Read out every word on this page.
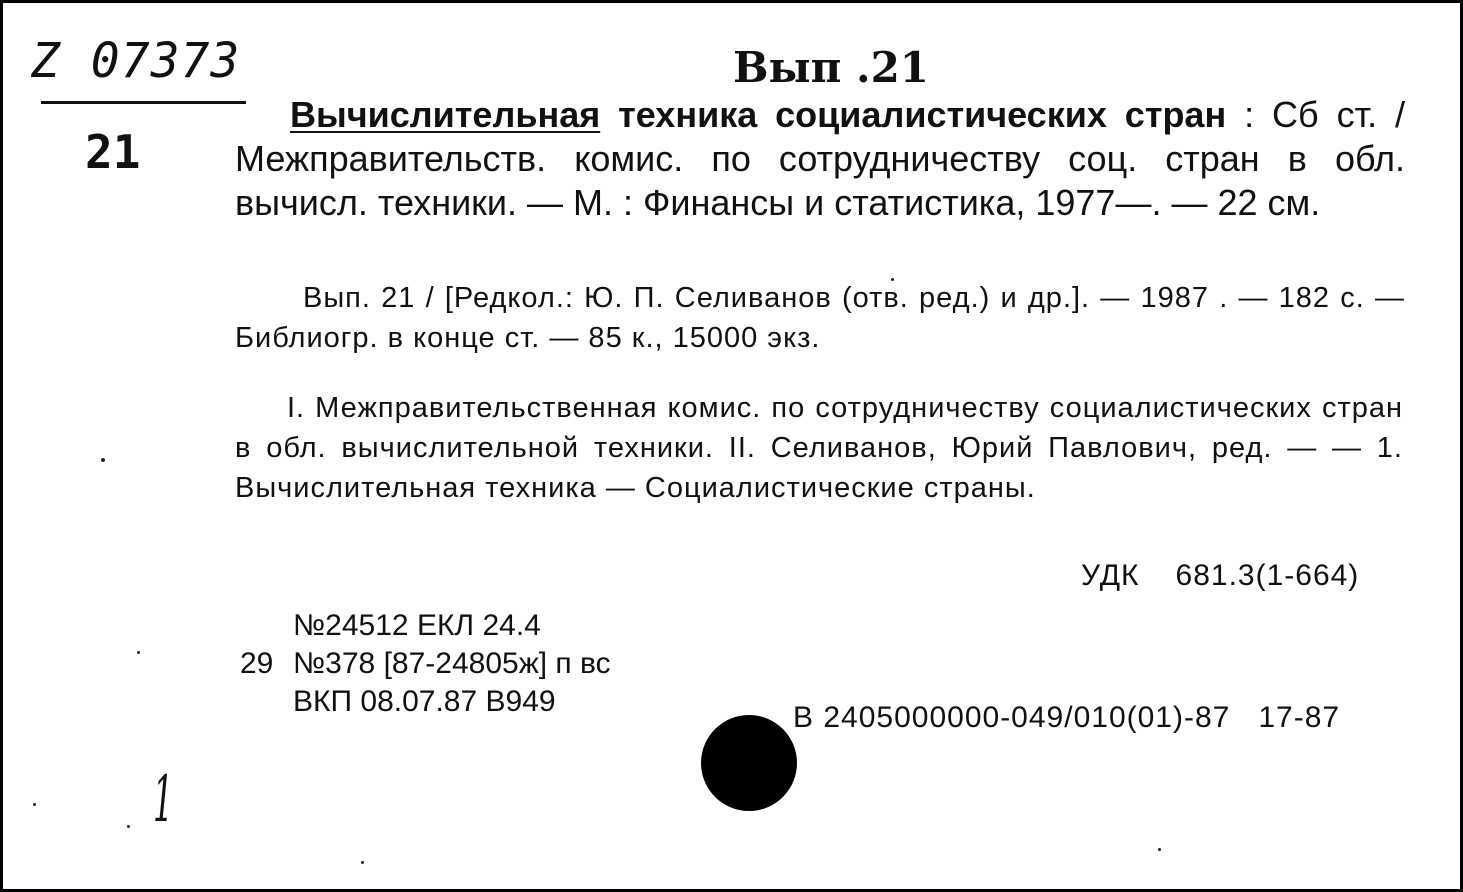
Z 07373
21
Вып .21

Вычислительная техника социалистических стран : Сб ст. / Межправительств. комис. по сотрудничеству соц. стран в обл. вычисл. техники. — М. : Финансы и статистика, 1977—. — 22 см.

Вып. 21 / [Редкол.: Ю. П. Селиванов (отв. ред.) и др.]. — 1987 . — 182 с. — Библиогр. в конце ст. — 85 к., 15000 экз.

I. Межправительственная комис. по сотрудничеству социалистических стран в обл. вычислительной техники. II. Селиванов, Юрий Павлович, ред. — — 1. Вычислительная техника — Социалистические страны.

УДК 681.3(1-664)
29
№24512 ЕКЛ 24.4
№378 [87-24805ж] п вс
ВКП 08.07.87 В949	В 2405000000-049/010(01)-87 17-87
1
